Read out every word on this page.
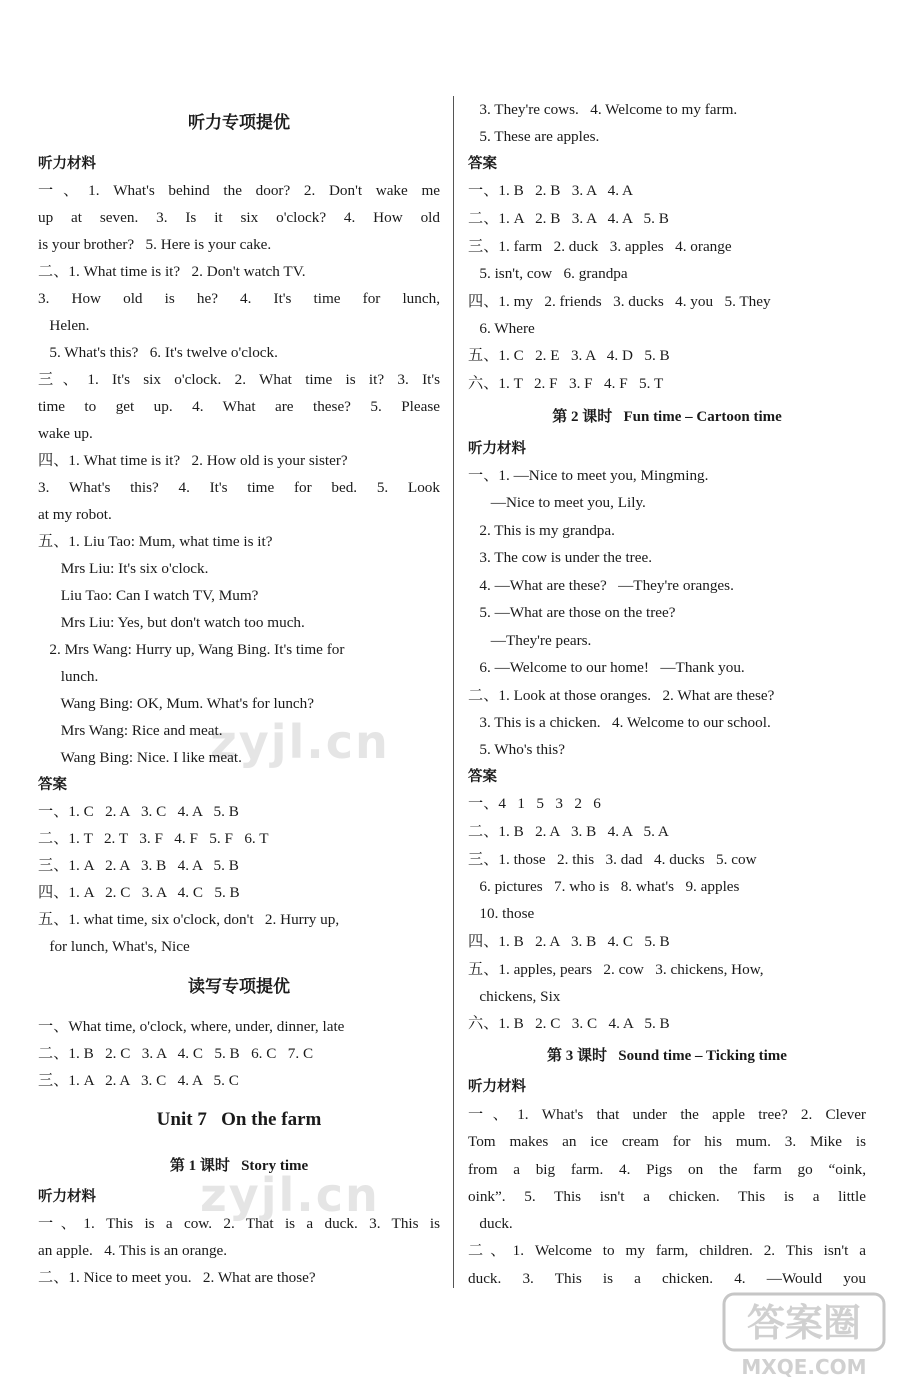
听力专项提优
听力材料
一、1. What's behind the door? 2. Don't wake me
up at seven. 3. Is it six o'clock? 4. How old
is your brother?   5. Here is your cake.
二、1. What time is it?   2. Don't watch TV.
3. How old is he? 4. It's time for lunch,
Helen.
5. What's this?   6. It's twelve o'clock.
三、1. It's six o'clock. 2. What time is it? 3. It's
time to get up. 4. What are these? 5. Please
wake up.
四、1. What time is it?   2. How old is your sister?
3. What's this? 4. It's time for bed. 5. Look
at my robot.
五、1. Liu Tao: Mum, what time is it?
Mrs Liu: It's six o'clock.
Liu Tao: Can I watch TV, Mum?
Mrs Liu: Yes, but don't watch too much.
2. Mrs Wang: Hurry up, Wang Bing. It's time for
lunch.
Wang Bing: OK, Mum. What's for lunch?
Mrs Wang: Rice and meat.
Wang Bing: Nice. I like meat.
答案
一、1. C   2. A   3. C   4. A   5. B
二、1. T   2. T   3. F   4. F   5. F   6. T
三、1. A   2. A   3. B   4. A   5. B
四、1. A   2. C   3. A   4. C   5. B
五、1. what time, six o'clock, don't   2. Hurry up,
for lunch, What's, Nice
读写专项提优
一、What time, o'clock, where, under, dinner, late
二、1. B   2. C   3. A   4. C   5. B   6. C   7. C
三、1. A   2. A   3. C   4. A   5. C
Unit 7   On the farm
第 1 课时   Story time
听力材料
一、1. This is a cow. 2. That is a duck. 3. This is
an apple.   4. This is an orange.
二、1. Nice to meet you.   2. What are those?
3. They're cows.   4. Welcome to my farm.
5. These are apples.
答案
一、1. B   2. B   3. A   4. A
二、1. A   2. B   3. A   4. A   5. B
三、1. farm   2. duck   3. apples   4. orange
5. isn't, cow   6. grandpa
四、1. my   2. friends   3. ducks   4. you   5. They
6. Where
五、1. C   2. E   3. A   4. D   5. B
六、1. T   2. F   3. F   4. F   5. T
第 2 课时   Fun time – Cartoon time
听力材料
一、1. —Nice to meet you, Mingming.
—Nice to meet you, Lily.
2. This is my grandpa.
3. The cow is under the tree.
4. —What are these?   —They're oranges.
5. —What are those on the tree?
—They're pears.
6. —Welcome to our home!   —Thank you.
二、1. Look at those oranges.   2. What are these?
3. This is a chicken.   4. Welcome to our school.
5. Who's this?
答案
一、4   1   5   3   2   6
二、1. B   2. A   3. B   4. A   5. A
三、1. those   2. this   3. dad   4. ducks   5. cow
6. pictures   7. who is   8. what's   9. apples
10. those
四、1. B   2. A   3. B   4. C   5. B
五、1. apples, pears   2. cow   3. chickens, How,
chickens, Six
六、1. B   2. C   3. C   4. A   5. B
第 3 课时   Sound time – Ticking time
听力材料
一、1. What's that under the apple tree? 2. Clever
Tom makes an ice cream for his mum. 3. Mike is
from a big farm. 4. Pigs on the farm go “oink,
oink”. 5. This isn't a chicken. This is a little
duck.
二、1. Welcome to my farm, children. 2. This isn't a
duck. 3. This is a chicken. 4. —Would you
zyjl.cn
zyjl.cn
答案圈
MXQE.COM
